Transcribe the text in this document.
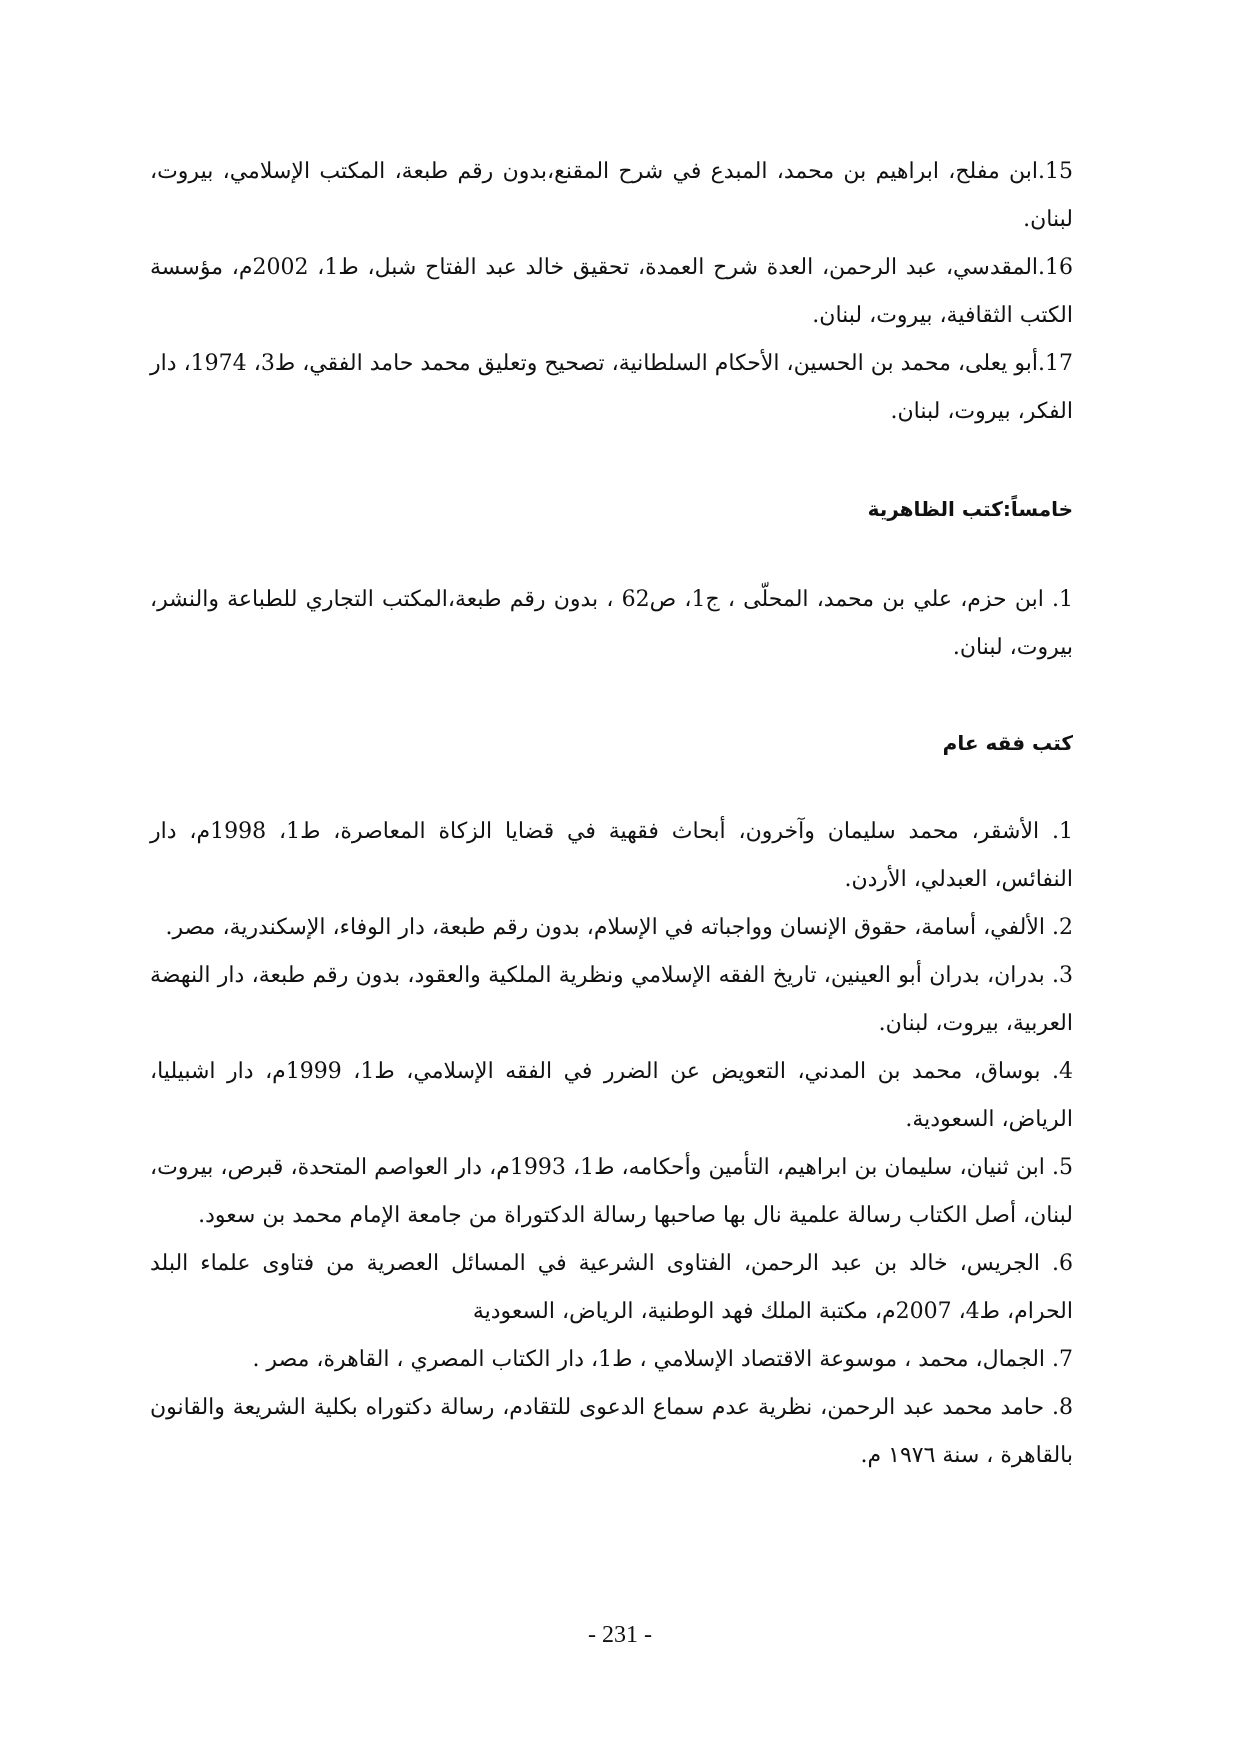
15.ابن مفلح، ابراهيم بن محمد، المبدع في شرح المقنع،بدون رقم طبعة، المكتب الإسلامي، بيروت، لبنان.

16.المقدسي، عبد الرحمن، العدة شرح العمدة، تحقيق خالد عبد الفتاح شبل، ط1، 2002م، مؤسسة الكتب الثقافية، بيروت، لبنان.

17.أبو يعلى، محمد بن الحسين، الأحكام السلطانية، تصحيح وتعليق محمد حامد الفقي، ط3، 1974، دار الفكر، بيروت، لبنان.

خامساً:كتب الظاهرية

1. ابن حزم، علي بن محمد، المحلّى ، ج1، ص62 ، بدون رقم طبعة،المكتب التجاري للطباعة والنشر، بيروت، لبنان.

كتب فقه عام

1. الأشقر، محمد سليمان وآخرون، أبحاث فقهية في قضايا الزكاة المعاصرة، ط1، 1998م، دار النفائس، العبدلي، الأردن.

2. الألفي، أسامة، حقوق الإنسان وواجباته في الإسلام، بدون رقم طبعة، دار الوفاء، الإسكندرية، مصر.

3. بدران، بدران أبو العينين، تاريخ الفقه الإسلامي ونظرية الملكية والعقود، بدون رقم طبعة، دار النهضة العربية، بيروت، لبنان.

4. بوساق، محمد بن المدني، التعويض عن الضرر في الفقه الإسلامي، ط1، 1999م، دار اشبيليا، الرياض، السعودية.

5. ابن ثنيان، سليمان بن ابراهيم، التأمين وأحكامه، ط1، 1993م، دار العواصم المتحدة، قبرص، بيروت، لبنان، أصل الكتاب رسالة علمية نال بها صاحبها رسالة الدكتوراة من جامعة الإمام محمد بن سعود.

6. الجريس، خالد بن عبد الرحمن، الفتاوى الشرعية في المسائل العصرية من فتاوى علماء البلد الحرام، ط4، 2007م، مكتبة الملك فهد الوطنية، الرياض، السعودية

7. الجمال، محمد ، موسوعة الاقتصاد الإسلامي ، ط1، دار الكتاب المصري ، القاهرة، مصر .

8. حامد محمد عبد الرحمن، نظرية عدم سماع الدعوى للتقادم، رسالة دكتوراه بكلية الشريعة والقانون بالقاهرة ، سنة ١٩٧٦ م.

- 231 -
